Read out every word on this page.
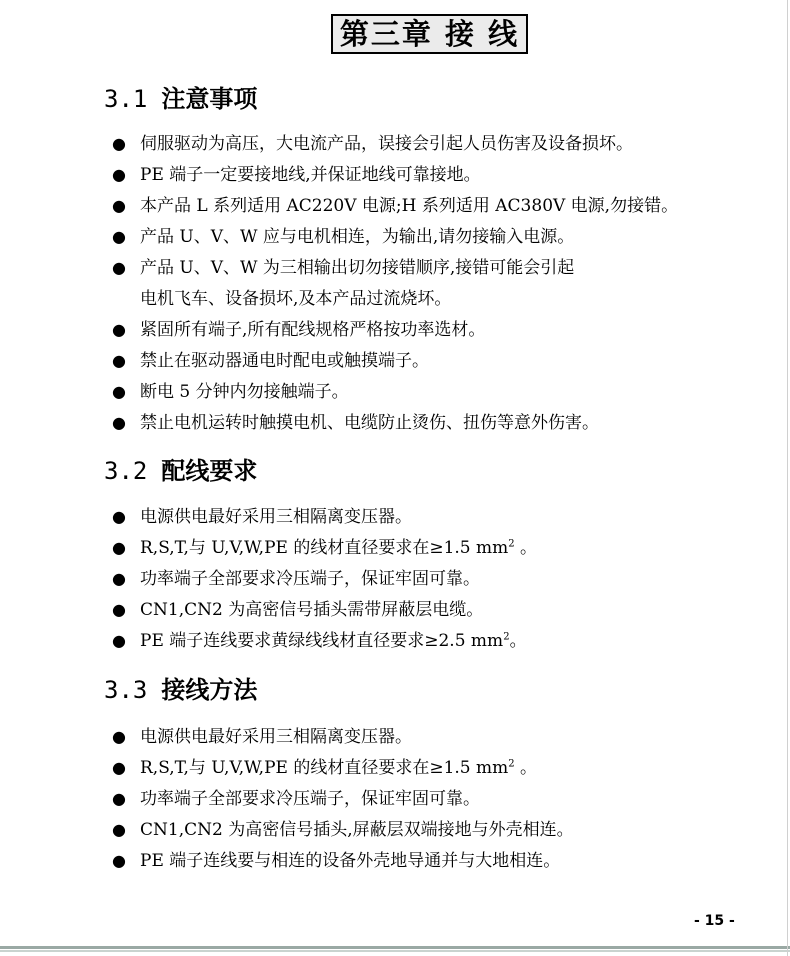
第三章 接 线
3.1 注意事项
● 伺服驱动为高压，大电流产品，误接会引起人员伤害及设备损坏。
● PE 端子一定要接地线,并保证地线可靠接地。
● 本产品 L 系列适用 AC220V 电源;H 系列适用 AC380V 电源,勿接错。
● 产品 U、V、W 应与电机相连，为输出,请勿接输入电源。
● 产品 U、V、W 为三相输出切勿接错顺序,接错可能会引起
电机飞车、设备损坏,及本产品过流烧坏。
● 紧固所有端子,所有配线规格严格按功率选材。
● 禁止在驱动器通电时配电或触摸端子。
● 断电 5 分钟内勿接触端子。
● 禁止电机运转时触摸电机、电缆防止烫伤、扭伤等意外伤害。
3.2 配线要求
● 电源供电最好采用三相隔离变压器。
● R,S,T,与 U,V,W,PE 的线材直径要求在≥1.5 $mm^2$ 。
● 功率端子全部要求冷压端子，保证牢固可靠。
● CN1,CN2 为高密信号插头需带屏蔽层电缆。
● PE 端子连线要求黄绿线线材直径要求≥2.5 $mm^2$。
3.3 接线方法
● 电源供电最好采用三相隔离变压器。
● R,S,T,与 U,V,W,PE 的线材直径要求在≥1.5 $mm^2$ 。
● 功率端子全部要求冷压端子，保证牢固可靠。
● CN1,CN2 为高密信号插头,屏蔽层双端接地与外壳相连。
● PE 端子连线要与相连的设备外壳地导通并与大地相连。
- 15 -
